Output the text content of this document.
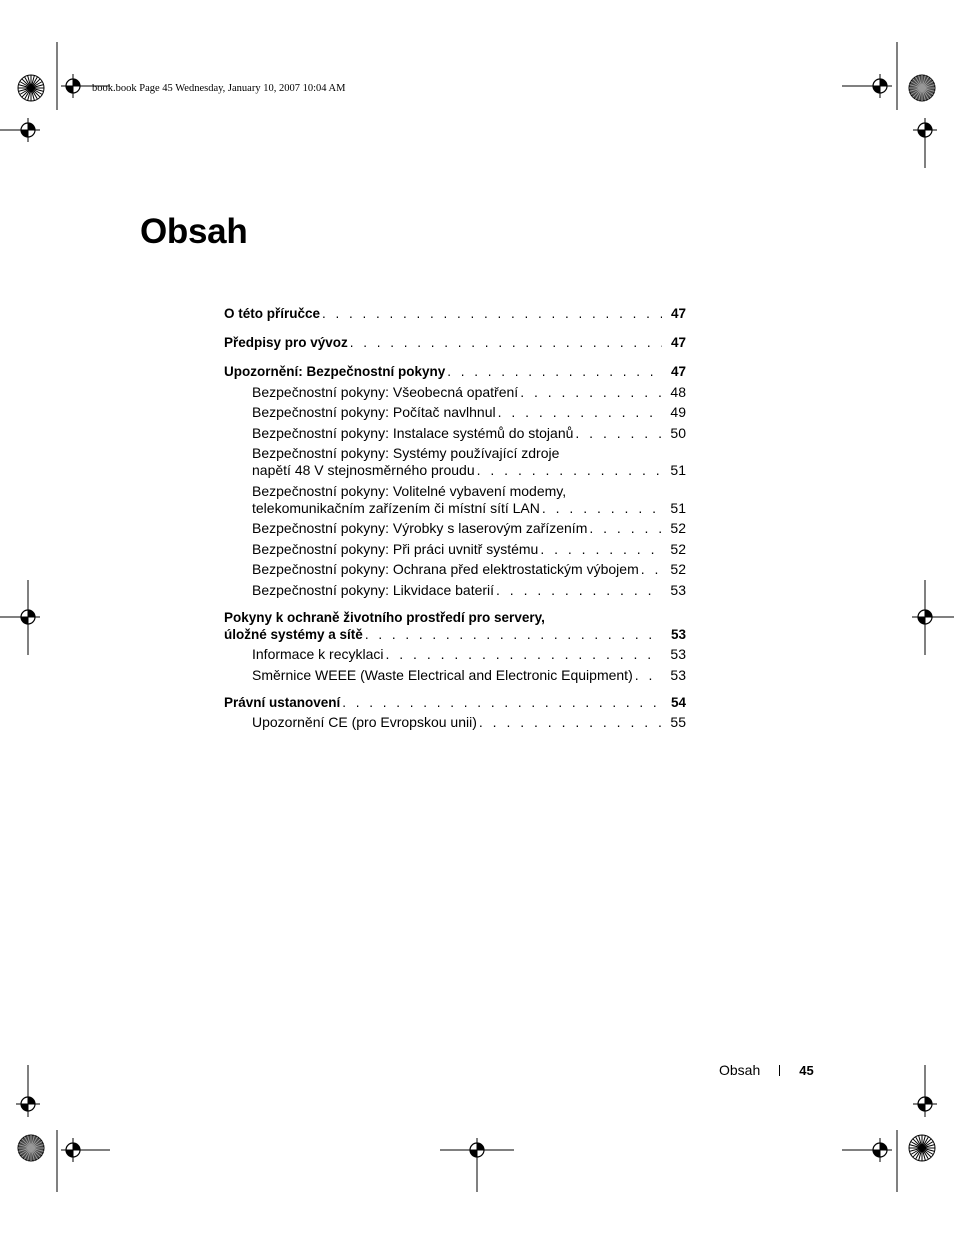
book.book Page 45 Wednesday, January 10, 2007 10:04 AM
Obsah
O této příručce . . .	47
Předpisy pro vývoz . . .	47
Upozornění: Bezpečnostní pokyny . . .	47
Bezpečnostní pokyny: Všeobecná opatření . . .	48
Bezpečnostní pokyny: Počítač navlhnul . . .	49
Bezpečnostní pokyny: Instalace systémů do stojanů . . .	50
Bezpečnostní pokyny: Systémy používající zdroje
napětí 48 V stejnosměrného proudu . . .	51
Bezpečnostní pokyny: Volitelné vybavení modemy,
telekomunikačním zařízením či místní sítí LAN . . .	51
Bezpečnostní pokyny: Výrobky s laserovým zařízením . . .	52
Bezpečnostní pokyny: Při práci uvnitř systému . . .	52
Bezpečnostní pokyny: Ochrana před elektrostatickým výbojem . . . 52
Bezpečnostní pokyny: Likvidace baterií . . .	53
Pokyny k ochraně životního prostředí pro servery,
úložné systémy a sítě . . .	53
Informace k recyklaci . . .	53
Směrnice WEEE (Waste Electrical and Electronic Equipment) . . .	53
Právní ustanovení . . .	54
Upozornění CE (pro Evropskou unii) . . .	55
Obsah	45
